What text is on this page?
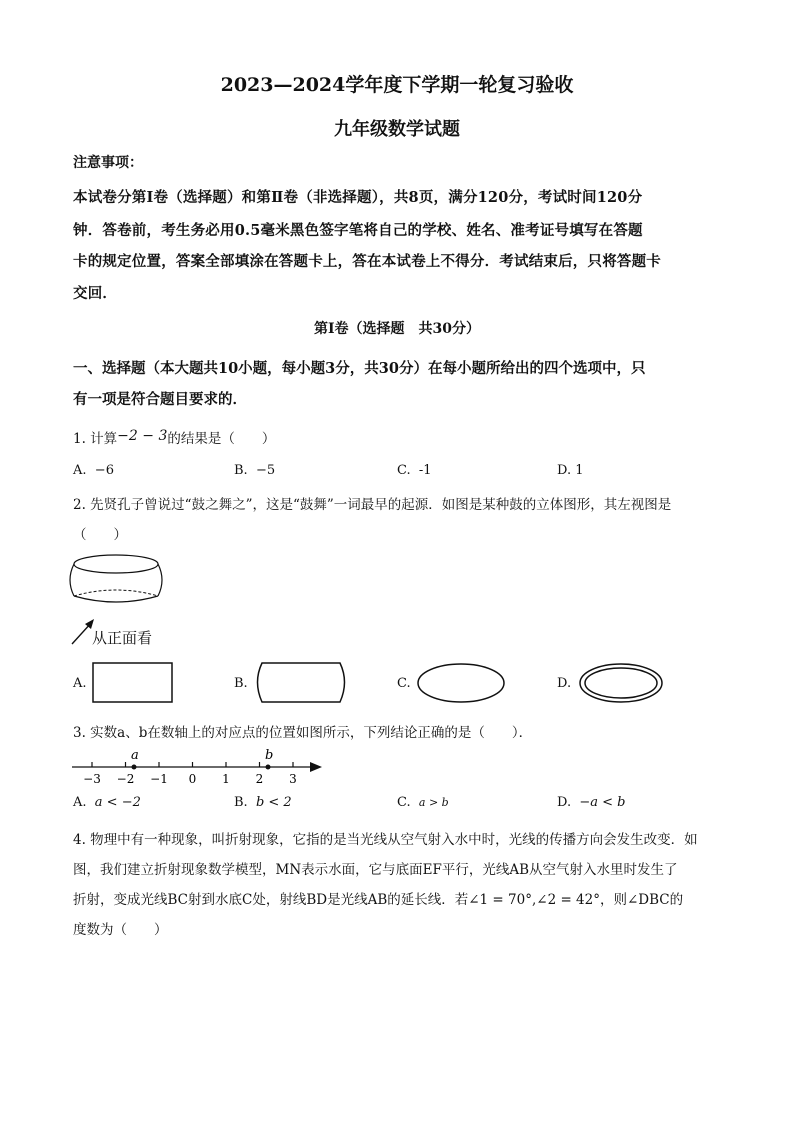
2023—2024学年度下学期一轮复习验收
九年级数学试题
注意事项：
本试卷分第Ⅰ卷（选择题）和第Ⅱ卷（非选择题），共8页，满分120分，考试时间120分
钟．答卷前，考生务必用0.5毫米黑色签字笔将自己的学校、姓名、准考证号填写在答题
卡的规定位置，答案全部填涂在答题卡上，答在本试卷上不得分．考试结束后，只将答题卡
交回．
第Ⅰ卷（选择题　共30分）
一、选择题（本大题共10小题，每小题3分，共30分）在每小题所给出的四个选项中，只
有一项是符合题目要求的．
1. 计算−2 − 3的结果是（　　）
A. −6	B. −5	C. -1	D. 1
2. 先贤孔子曾说过“鼓之舞之”，这是“鼓舞”一词最早的起源．如图是某种鼓的立体图形，其左视图是
（　　）
从正面看
A.	B.	C.	D.
3. 实数a、b在数轴上的对应点的位置如图所示，下列结论正确的是（　　）．
−3 −2 −1 0 1 2 3
a	b
A. a < −2	B. b < 2	C. a > b	D. −a < b
4. 物理中有一种现象，叫折射现象，它指的是当光线从空气射入水中时，光线的传播方向会发生改变．如
图，我们建立折射现象数学模型，MN表示水面，它与底面EF平行，光线AB从空气射入水里时发生了
折射，变成光线BC射到水底C处，射线BD是光线AB的延长线．若∠1 = 70°,∠2 = 42°，则∠DBC的
度数为（　　）
